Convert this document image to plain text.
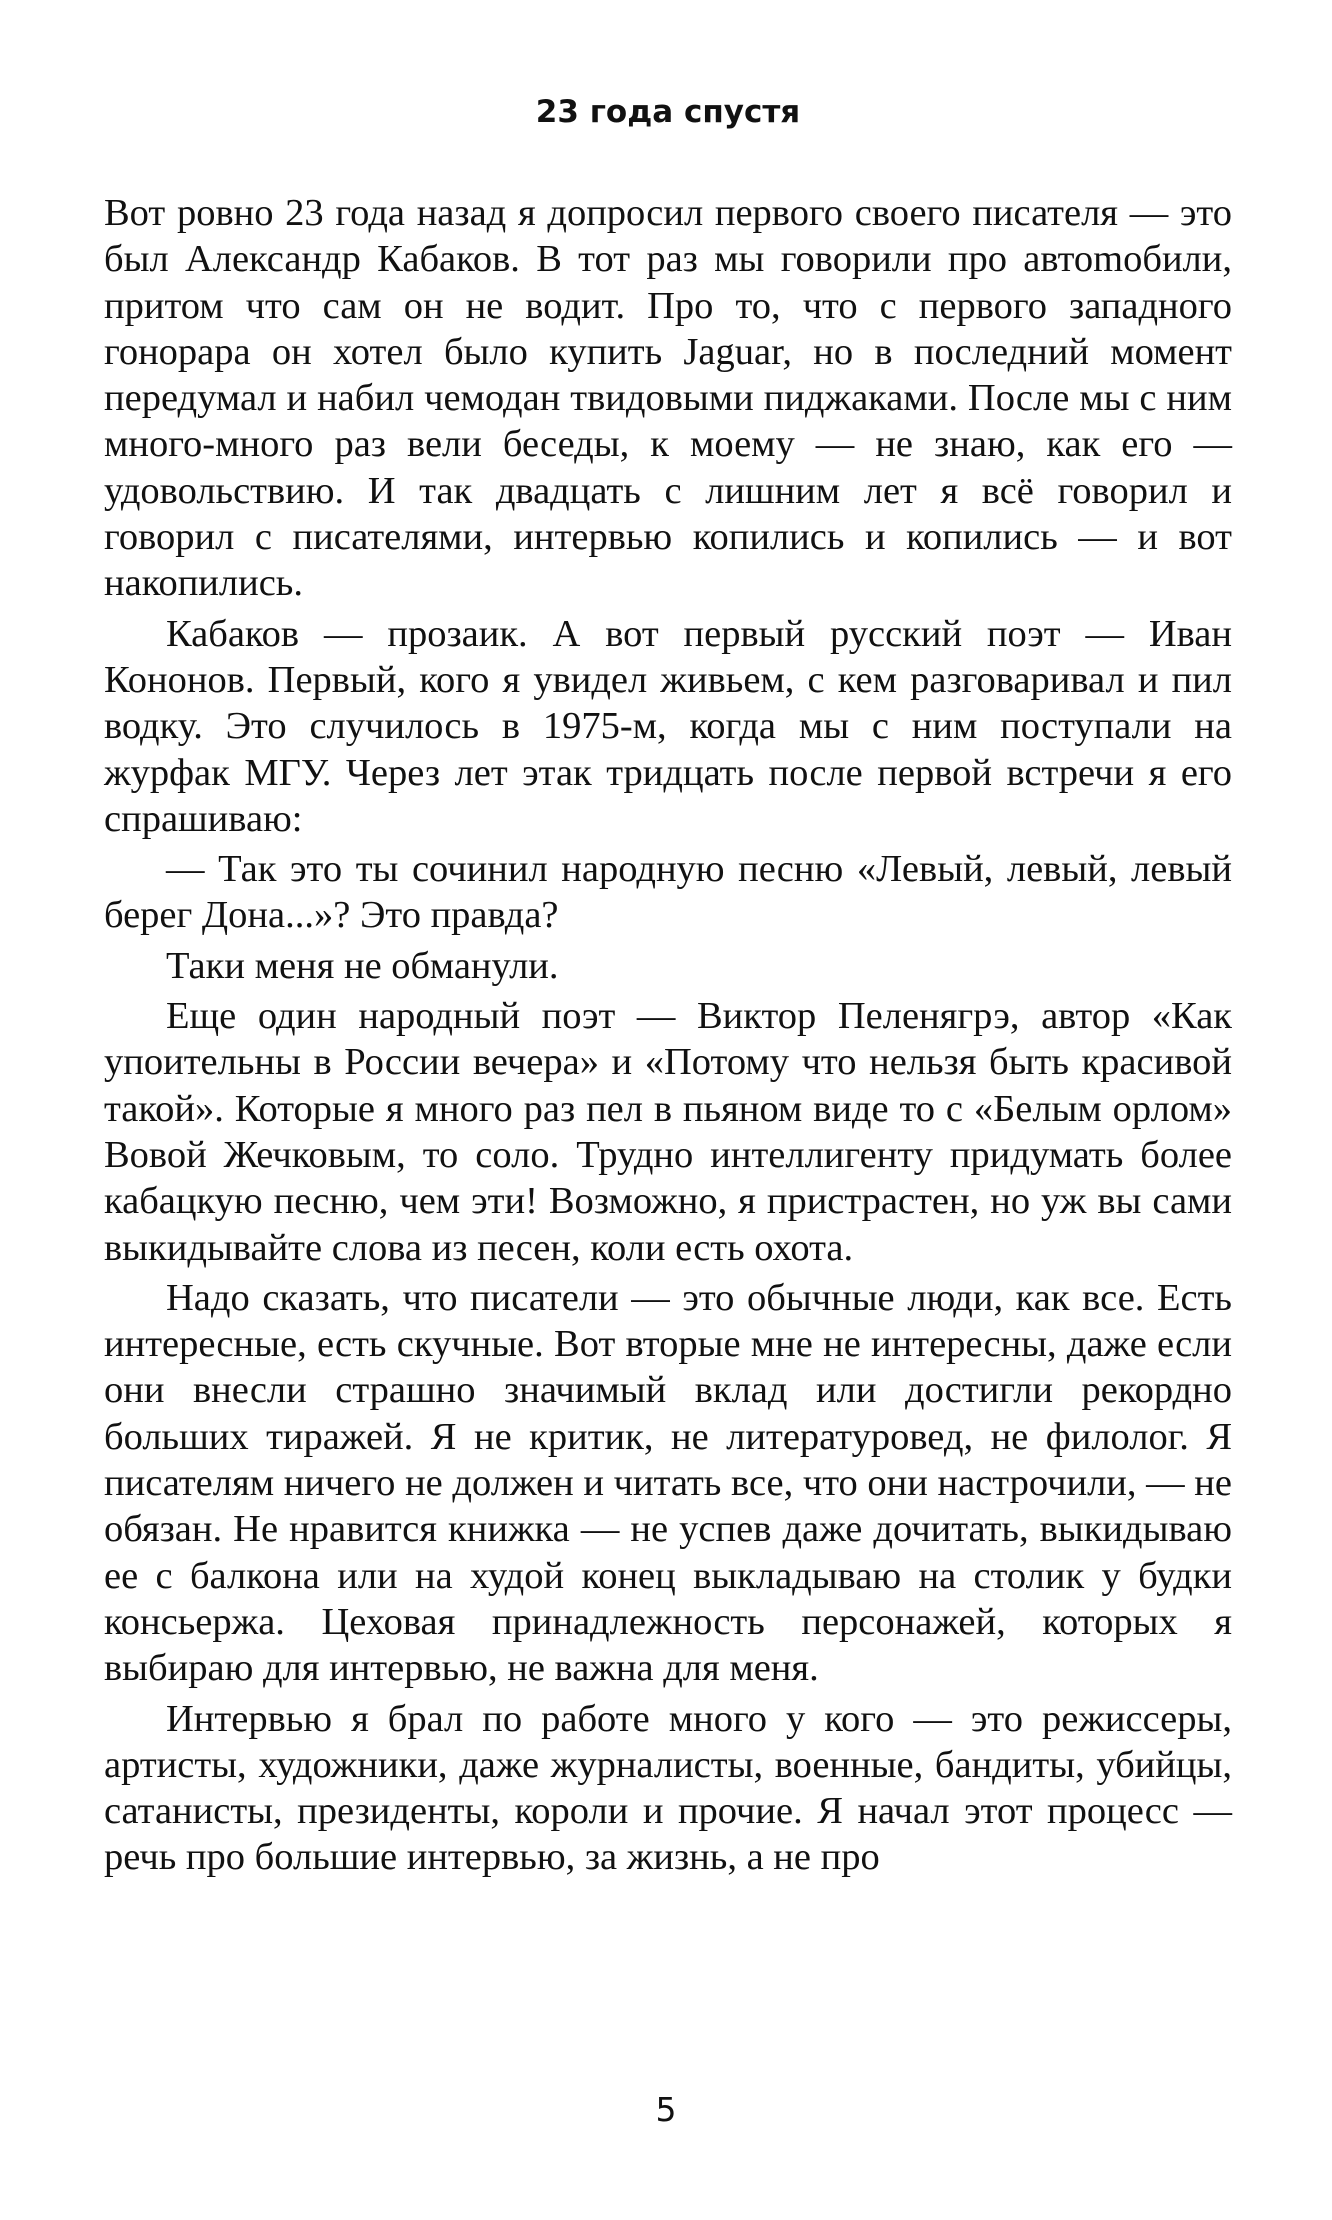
23 года спустя

Вот ровно 23 года назад я допросил первого своего писателя — это был Александр Кабаков. В тот раз мы говорили про автоmобили, притом что сам он не водит. Про то, что с первого западного гонорара он хотел было купить Jaguar, но в последний момент передумал и набил чемодан твидовыми пиджаками. После мы с ним много-много раз вели беседы, к моему — не знаю, как его — удовольствию. И так двадцать с лишним лет я всё говорил и говорил с писателями, интервью копились и копились — и вот накопились.

Кабаков — прозаик. А вот первый русский поэт — Иван Кононов. Первый, кого я увидел живьем, с кем разговаривал и пил водку. Это случилось в 1975-м, когда мы с ним поступали на журфак МГУ. Через лет этак тридцать после первой встречи я его спрашиваю:

— Так это ты сочинил народную песню «Левый, левый, левый берег Дона...»? Это правда?

Таки меня не обманули.

Еще один народный поэт — Виктор Пеленягрэ, автор «Как упоительны в России вечера» и «Потому что нельзя быть красивой такой». Которые я много раз пел в пьяном виде то с «Белым орлом» Вовой Жечковым, то соло. Трудно интеллигенту придумать более кабацкую песню, чем эти! Возможно, я пристрастен, но уж вы сами выкидывайте слова из песен, коли есть охота.

Надо сказать, что писатели — это обычные люди, как все. Есть интересные, есть скучные. Вот вторые мне не интересны, даже если они внесли страшно значимый вклад или достигли рекордно больших тиражей. Я не критик, не литературовед, не филолог. Я писателям ничего не должен и читать все, что они настрочили, — не обязан. Не нравится книжка — не успев даже дочитать, выкидываю ее с балкона или на худой конец выкладываю на столик у будки консьержа. Цеховая принадлежность персонажей, которых я выбираю для интервью, не важна для меня.

Интервью я брал по работе много у кого — это режиссеры, артисты, художники, даже журналисты, военные, бандиты, убийцы, сатанисты, президенты, короли и прочие. Я начал этот процесс — речь про большие интервью, за жизнь, а не про

5
